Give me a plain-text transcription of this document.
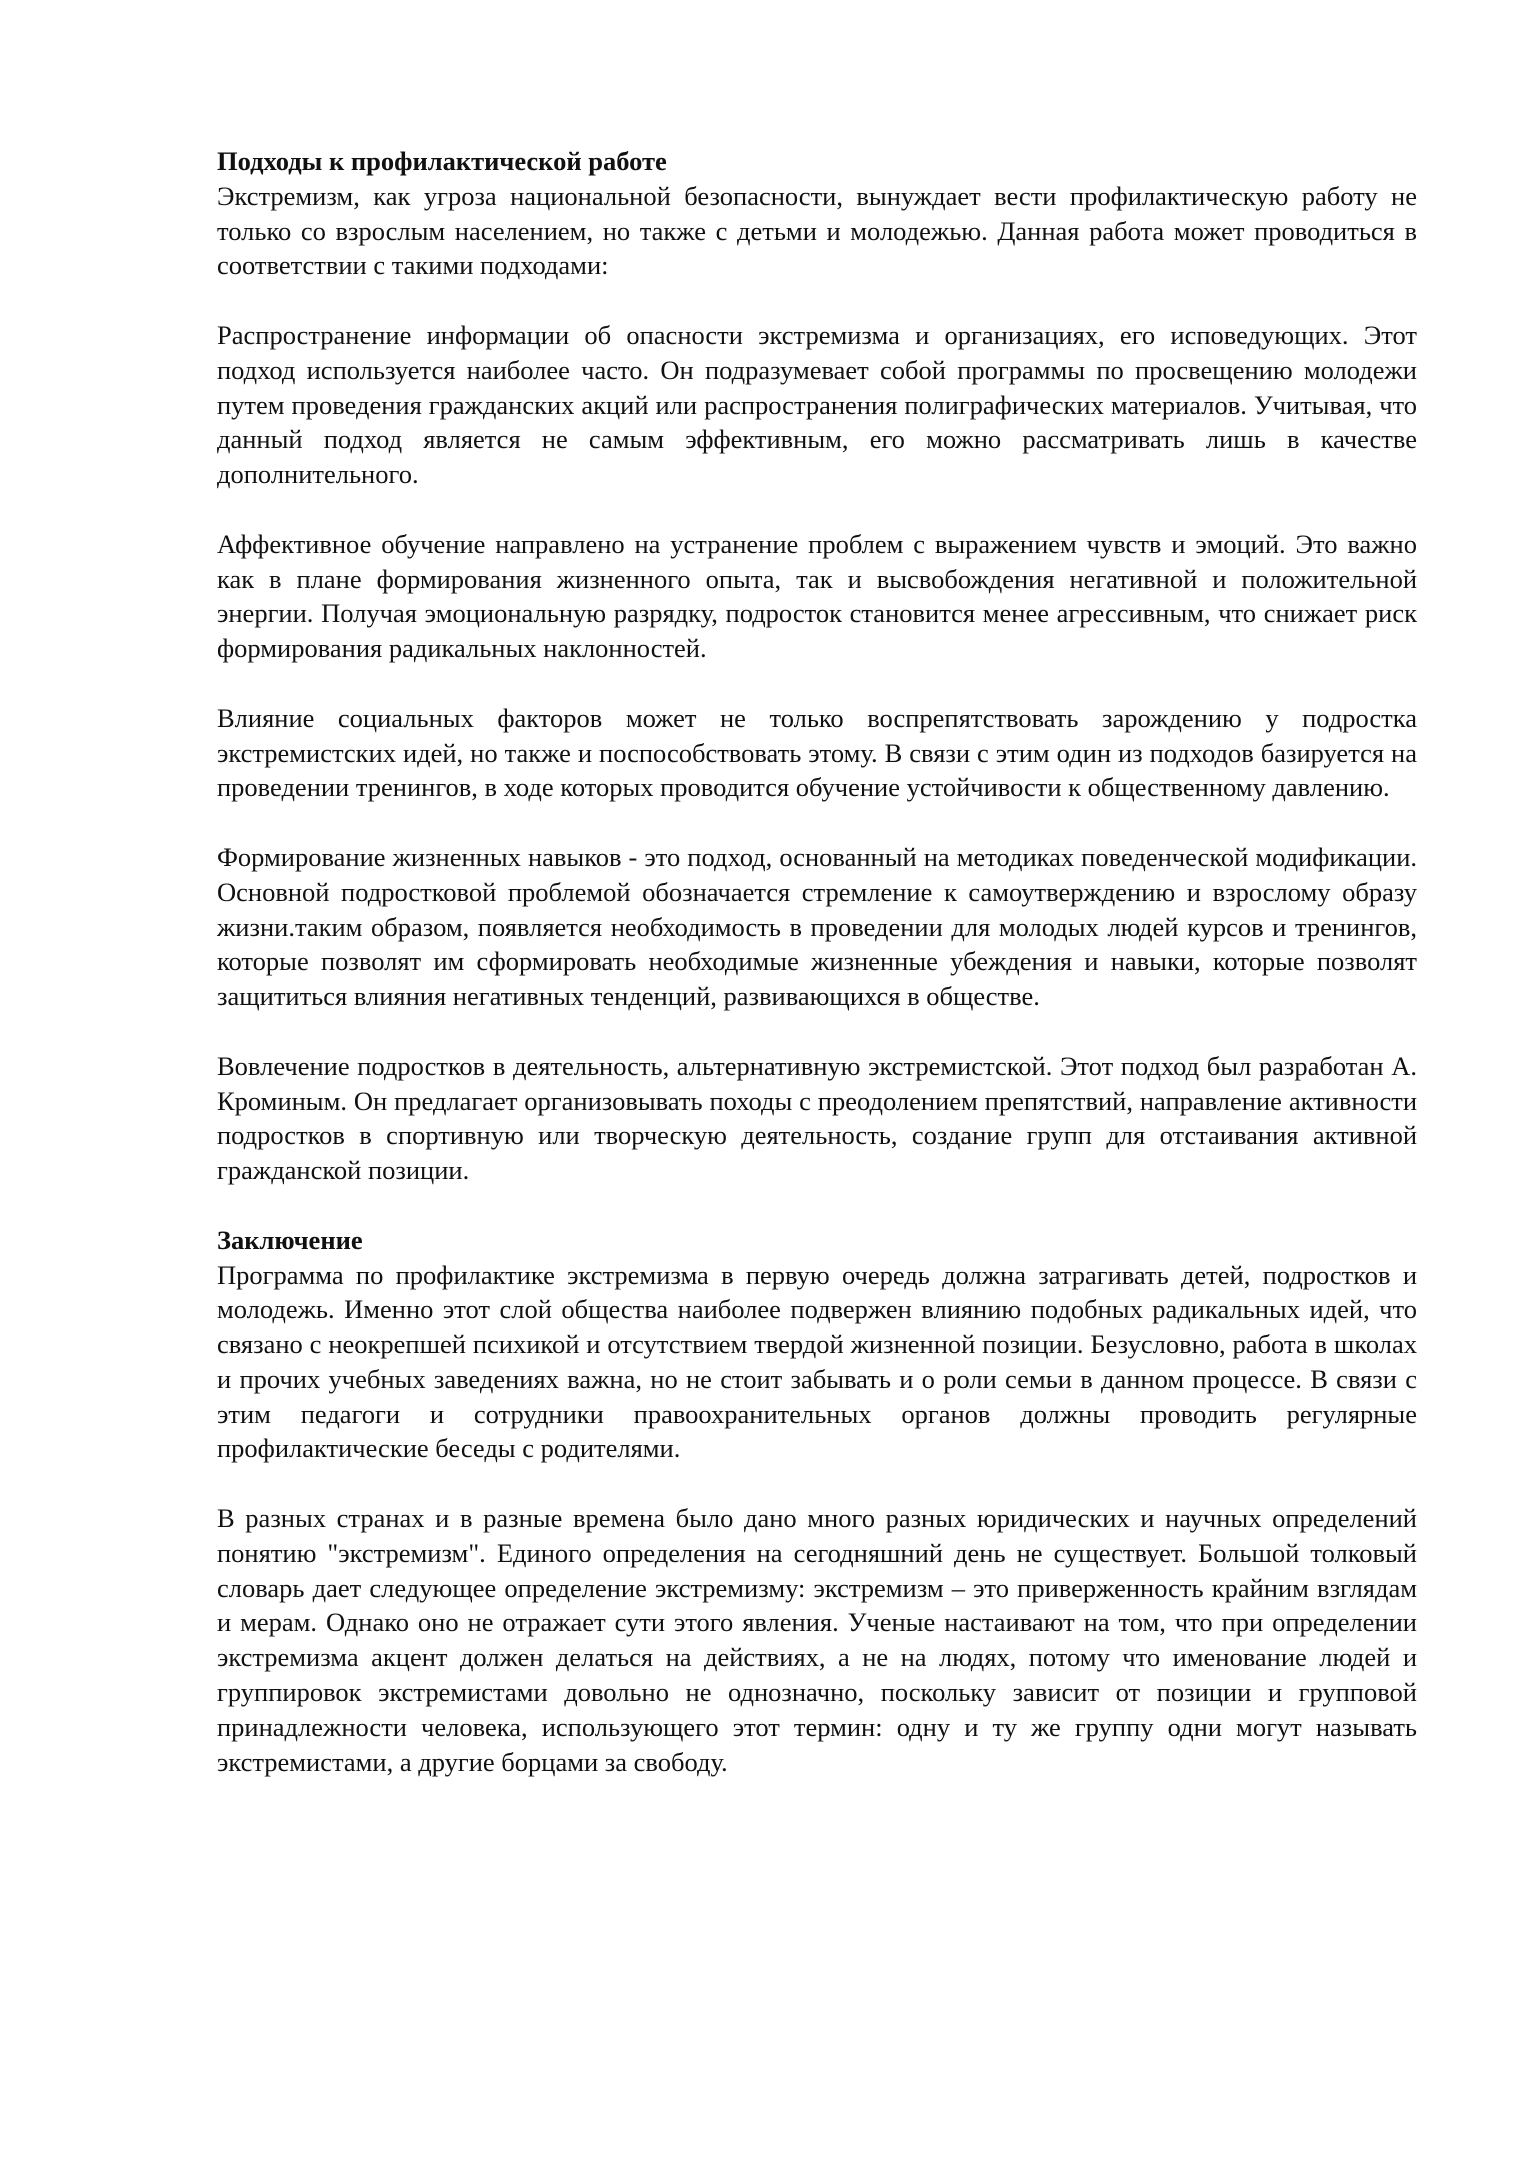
Подходы к профилактической работе

Экстремизм, как угроза национальной безопасности, вынуждает вести профилактическую работу не только со взрослым населением, но также с детьми и молодежью. Данная работа может проводиться в соответствии с такими подходами:

Распространение информации об опасности экстремизма и организациях, его исповедующих. Этот подход используется наиболее часто. Он подразумевает собой программы по просвещению молодежи путем проведения гражданских акций или распространения полиграфических материалов. Учитывая, что данный подход является не самым эффективным, его можно рассматривать лишь в качестве дополнительного.

Аффективное обучение направлено на устранение проблем с выражением чувств и эмоций. Это важно как в плане формирования жизненного опыта, так и высвобождения негативной и положительной энергии. Получая эмоциональную разрядку, подросток становится менее агрессивным, что снижает риск формирования радикальных наклонностей.

Влияние социальных факторов может не только воспрепятствовать зарождению у подростка экстремистских идей, но также и поспособствовать этому. В связи с этим один из подходов базируется на проведении тренингов, в ходе которых проводится обучение устойчивости к общественному давлению.

Формирование жизненных навыков - это подход, основанный на методиках поведенческой модификации. Основной подростковой проблемой обозначается стремление к самоутверждению и взрослому образу жизни.таким образом, появляется необходимость в проведении для молодых людей курсов и тренингов, которые позволят им сформировать необходимые жизненные убеждения и навыки, которые позволят защититься влияния негативных тенденций, развивающихся в обществе.

Вовлечение подростков в деятельность, альтернативную экстремистской. Этот подход был разработан А. Кроминым. Он предлагает организовывать походы с преодолением препятствий, направление активности подростков в спортивную или творческую деятельность, создание групп для отстаивания активной гражданской позиции.

Заключение

Программа по профилактике экстремизма в первую очередь должна затрагивать детей, подростков и молодежь. Именно этот слой общества наиболее подвержен влиянию подобных радикальных идей, что связано с неокрепшей психикой и отсутствием твердой жизненной позиции. Безусловно, работа в школах и прочих учебных заведениях важна, но не стоит забывать и о роли семьи в данном процессе. В связи с этим педагоги и сотрудники правоохранительных органов должны проводить регулярные профилактические беседы с родителями.

В разных странах и в разные времена было дано много разных юридических и научных определений понятию "экстремизм". Единого определения на сегодняшний день не существует. Большой толковый словарь дает следующее определение экстремизму: экстремизм – это приверженность крайним взглядам и мерам. Однако оно не отражает сути этого явления. Ученые настаивают на том, что при определении экстремизма акцент должен делаться на действиях, а не на людях, потому что именование людей и группировок экстремистами довольно не однозначно, поскольку зависит от позиции и групповой принадлежности человека, использующего этот термин: одну и ту же группу одни могут называть экстремистами, а другие борцами за свободу.
